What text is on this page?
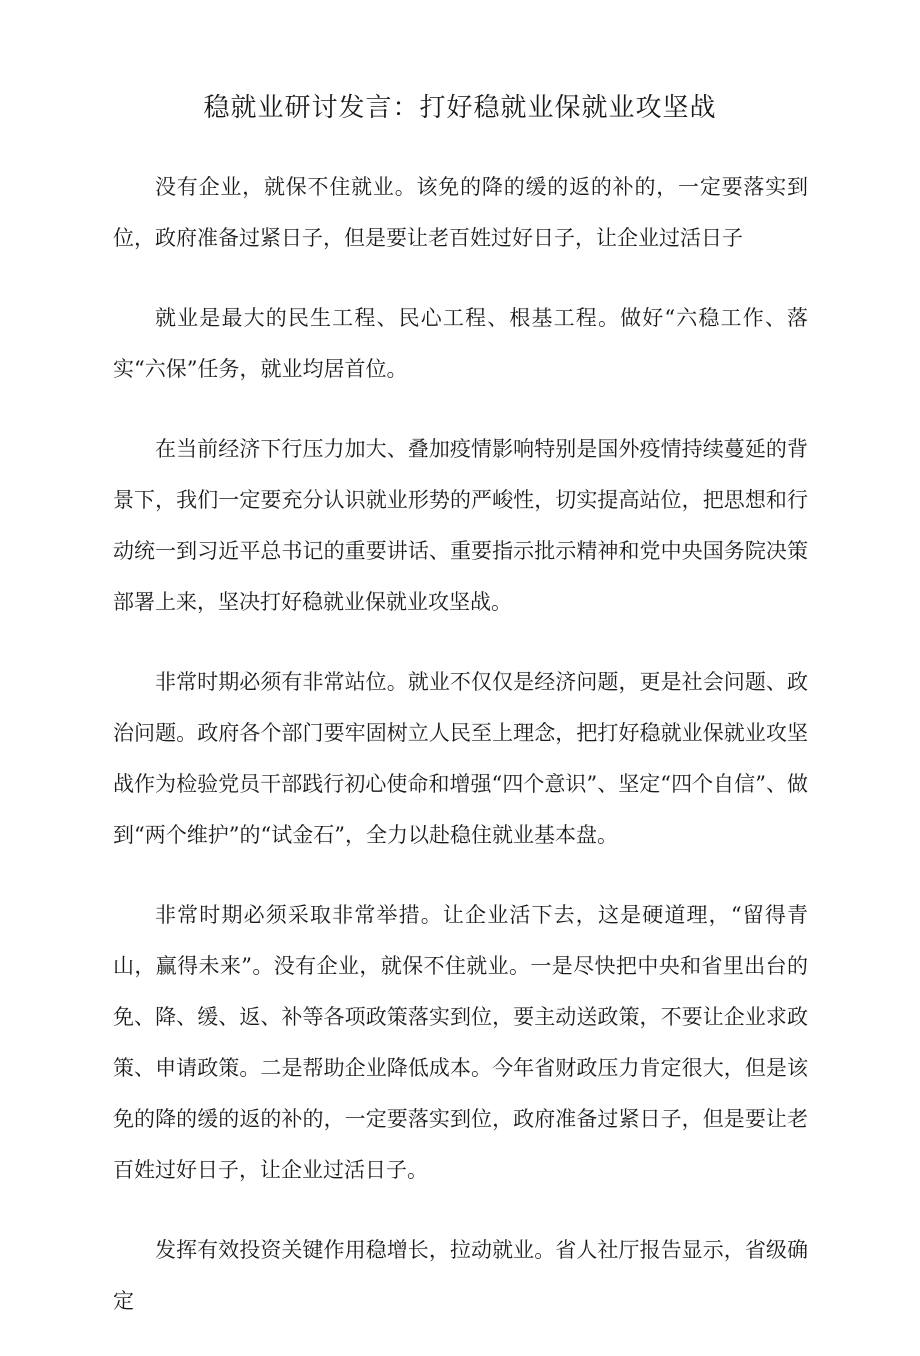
稳就业研讨发言：打好稳就业保就业攻坚战

没有企业，就保不住就业。该免的降的缓的返的补的，一定要落实到位，政府准备过紧日子，但是要让老百姓过好日子，让企业过活日子

就业是最大的民生工程、民心工程、根基工程。做好“六稳工作、落实“六保”任务，就业均居首位。

在当前经济下行压力加大、叠加疫情影响特别是国外疫情持续蔓延的背景下，我们一定要充分认识就业形势的严峻性，切实提高站位，把思想和行动统一到习近平总书记的重要讲话、重要指示批示精神和党中央国务院决策部署上来，坚决打好稳就业保就业攻坚战。

非常时期必须有非常站位。就业不仅仅是经济问题，更是社会问题、政治问题。政府各个部门要牢固树立人民至上理念，把打好稳就业保就业攻坚战作为检验党员干部践行初心使命和增强“四个意识”、坚定“四个自信”、做到“两个维护”的“试金石”，全力以赴稳住就业基本盘。

非常时期必须采取非常举措。让企业活下去，这是硬道理，“留得青山，赢得未来”。没有企业，就保不住就业。一是尽快把中央和省里出台的免、降、缓、返、补等各项政策落实到位，要主动送政策，不要让企业求政策、申请政策。二是帮助企业降低成本。今年省财政压力肯定很大，但是该免的降的缓的返的补的，一定要落实到位，政府准备过紧日子，但是要让老百姓过好日子，让企业过活日子。

发挥有效投资关键作用稳增长，拉动就业。省人社厅报告显示，省级确定
